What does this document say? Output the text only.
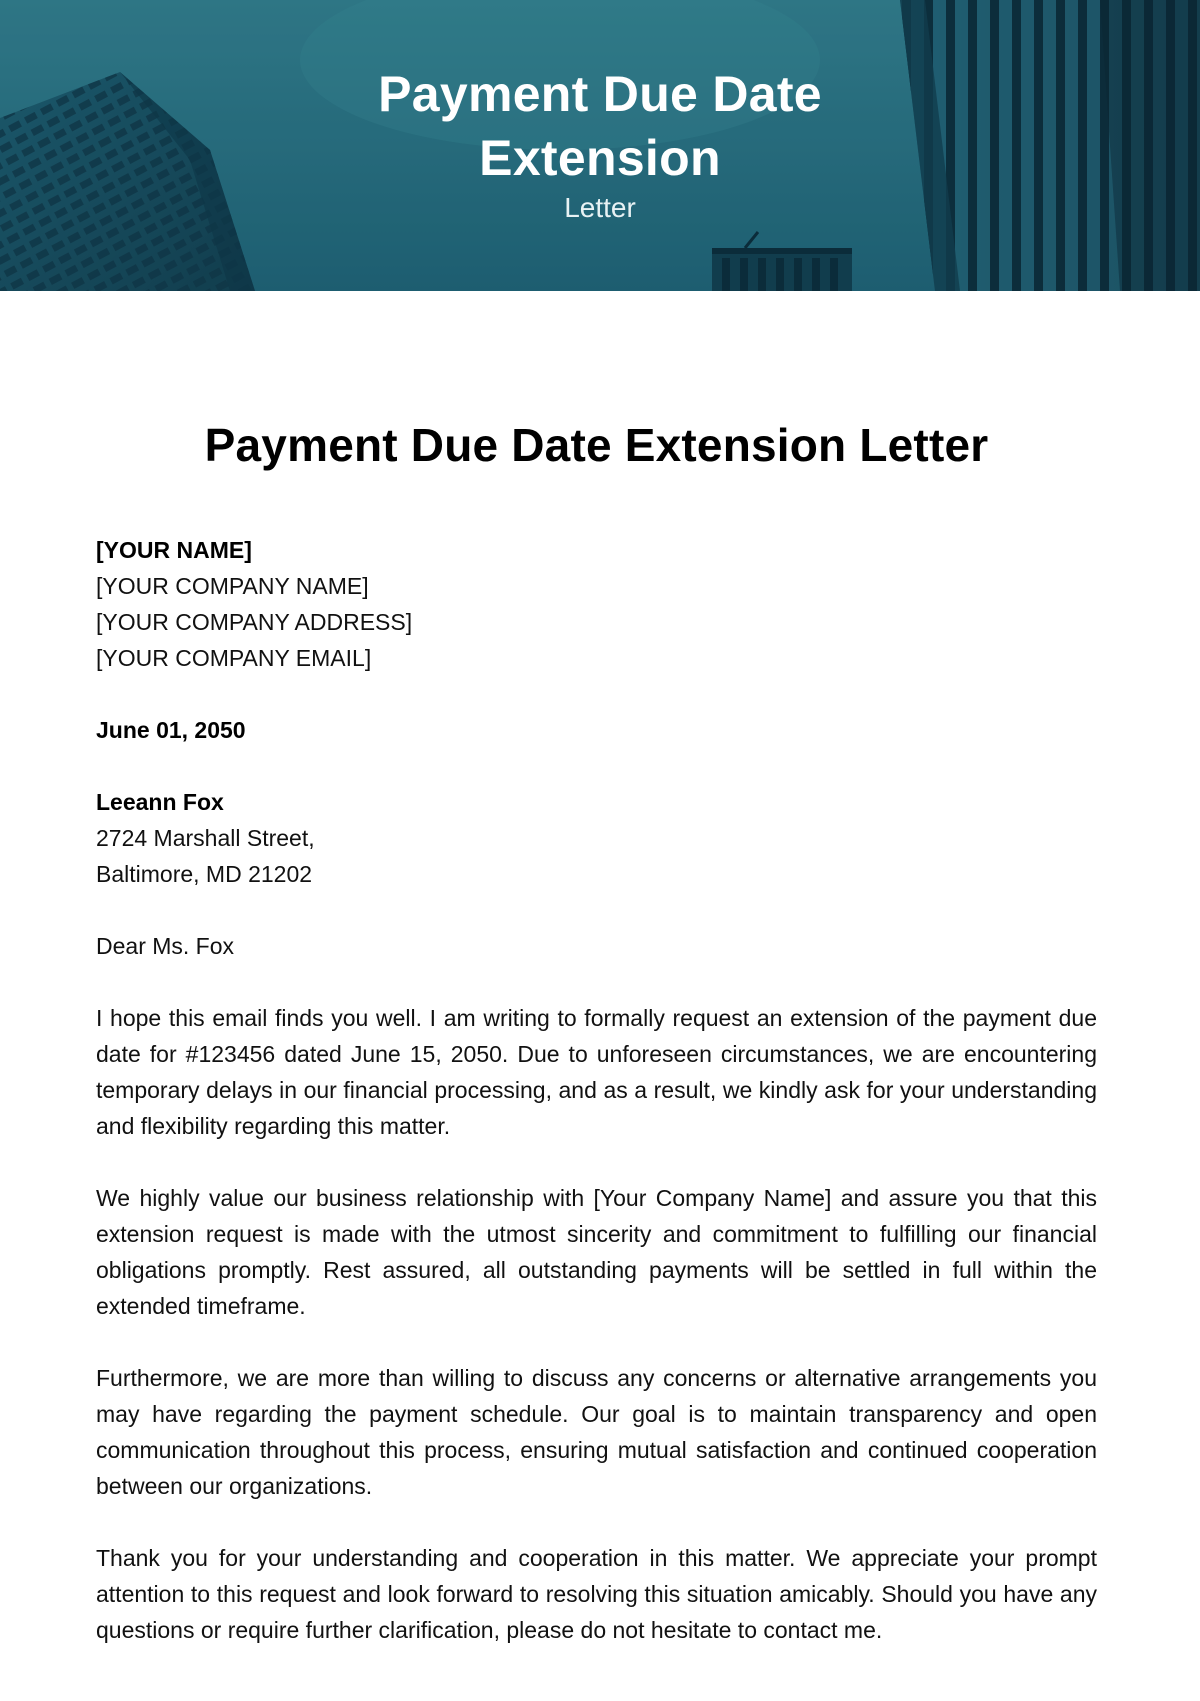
Payment Due Date Extension
Letter
Payment Due Date Extension Letter

[YOUR NAME]

[YOUR COMPANY NAME]

[YOUR COMPANY ADDRESS]

[YOUR COMPANY EMAIL]

June 01, 2050

Leeann Fox

2724 Marshall Street,

Baltimore, MD 21202

Dear Ms. Fox

I hope this email finds you well. I am writing to formally request an extension of the payment due date for #123456 dated June 15, 2050. Due to unforeseen circumstances, we are encountering temporary delays in our financial processing, and as a result, we kindly ask for your understanding and flexibility regarding this matter.

We highly value our business relationship with [Your Company Name] and assure you that this extension request is made with the utmost sincerity and commitment to fulfilling our financial obligations promptly. Rest assured, all outstanding payments will be settled in full within the extended timeframe.

Furthermore, we are more than willing to discuss any concerns or alternative arrangements you may have regarding the payment schedule. Our goal is to maintain transparency and open communication throughout this process, ensuring mutual satisfaction and continued cooperation between our organizations.

Thank you for your understanding and cooperation in this matter. We appreciate your prompt attention to this request and look forward to resolving this situation amicably. Should you have any questions or require further clarification, please do not hesitate to contact me.
